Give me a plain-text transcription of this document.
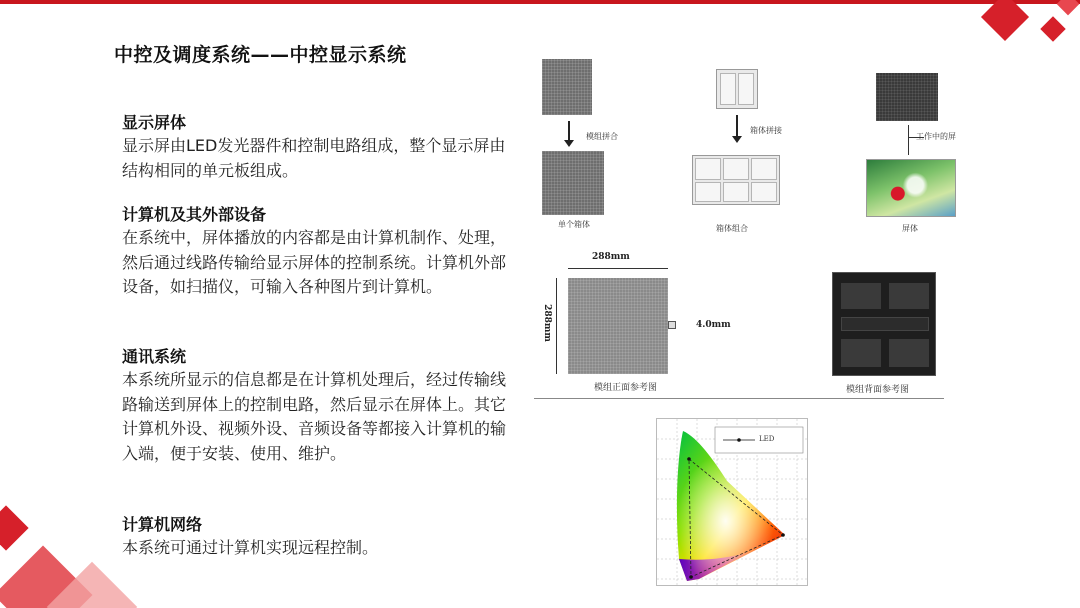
中控及调度系统——中控显示系统
显示屏体
显示屏由LED发光器件和控制电路组成，整个显示屏由结构相同的单元板组成。
计算机及其外部设备
在系统中，屏体播放的内容都是由计算机制作、处理，然后通过线路传输给显示屏体的控制系统。计算机外部设备，如扫描仪，可输入各种图片到计算机。
通讯系统
本系统所显示的信息都是在计算机处理后，经过传输线路输送到屏体上的控制电路，然后显示在屏体上。其它计算机外设、视频外设、音频设备等都接入计算机的输入端，便于安装、使用、维护。
计算机网络
本系统可通过计算机实现远程控制。
模组拼合
单个箱体
箱体拼接
箱体组合
工作中的屏
屏体
288mm
288mm	4.0mm
模组正面参考图	模组背面参考图
LED
